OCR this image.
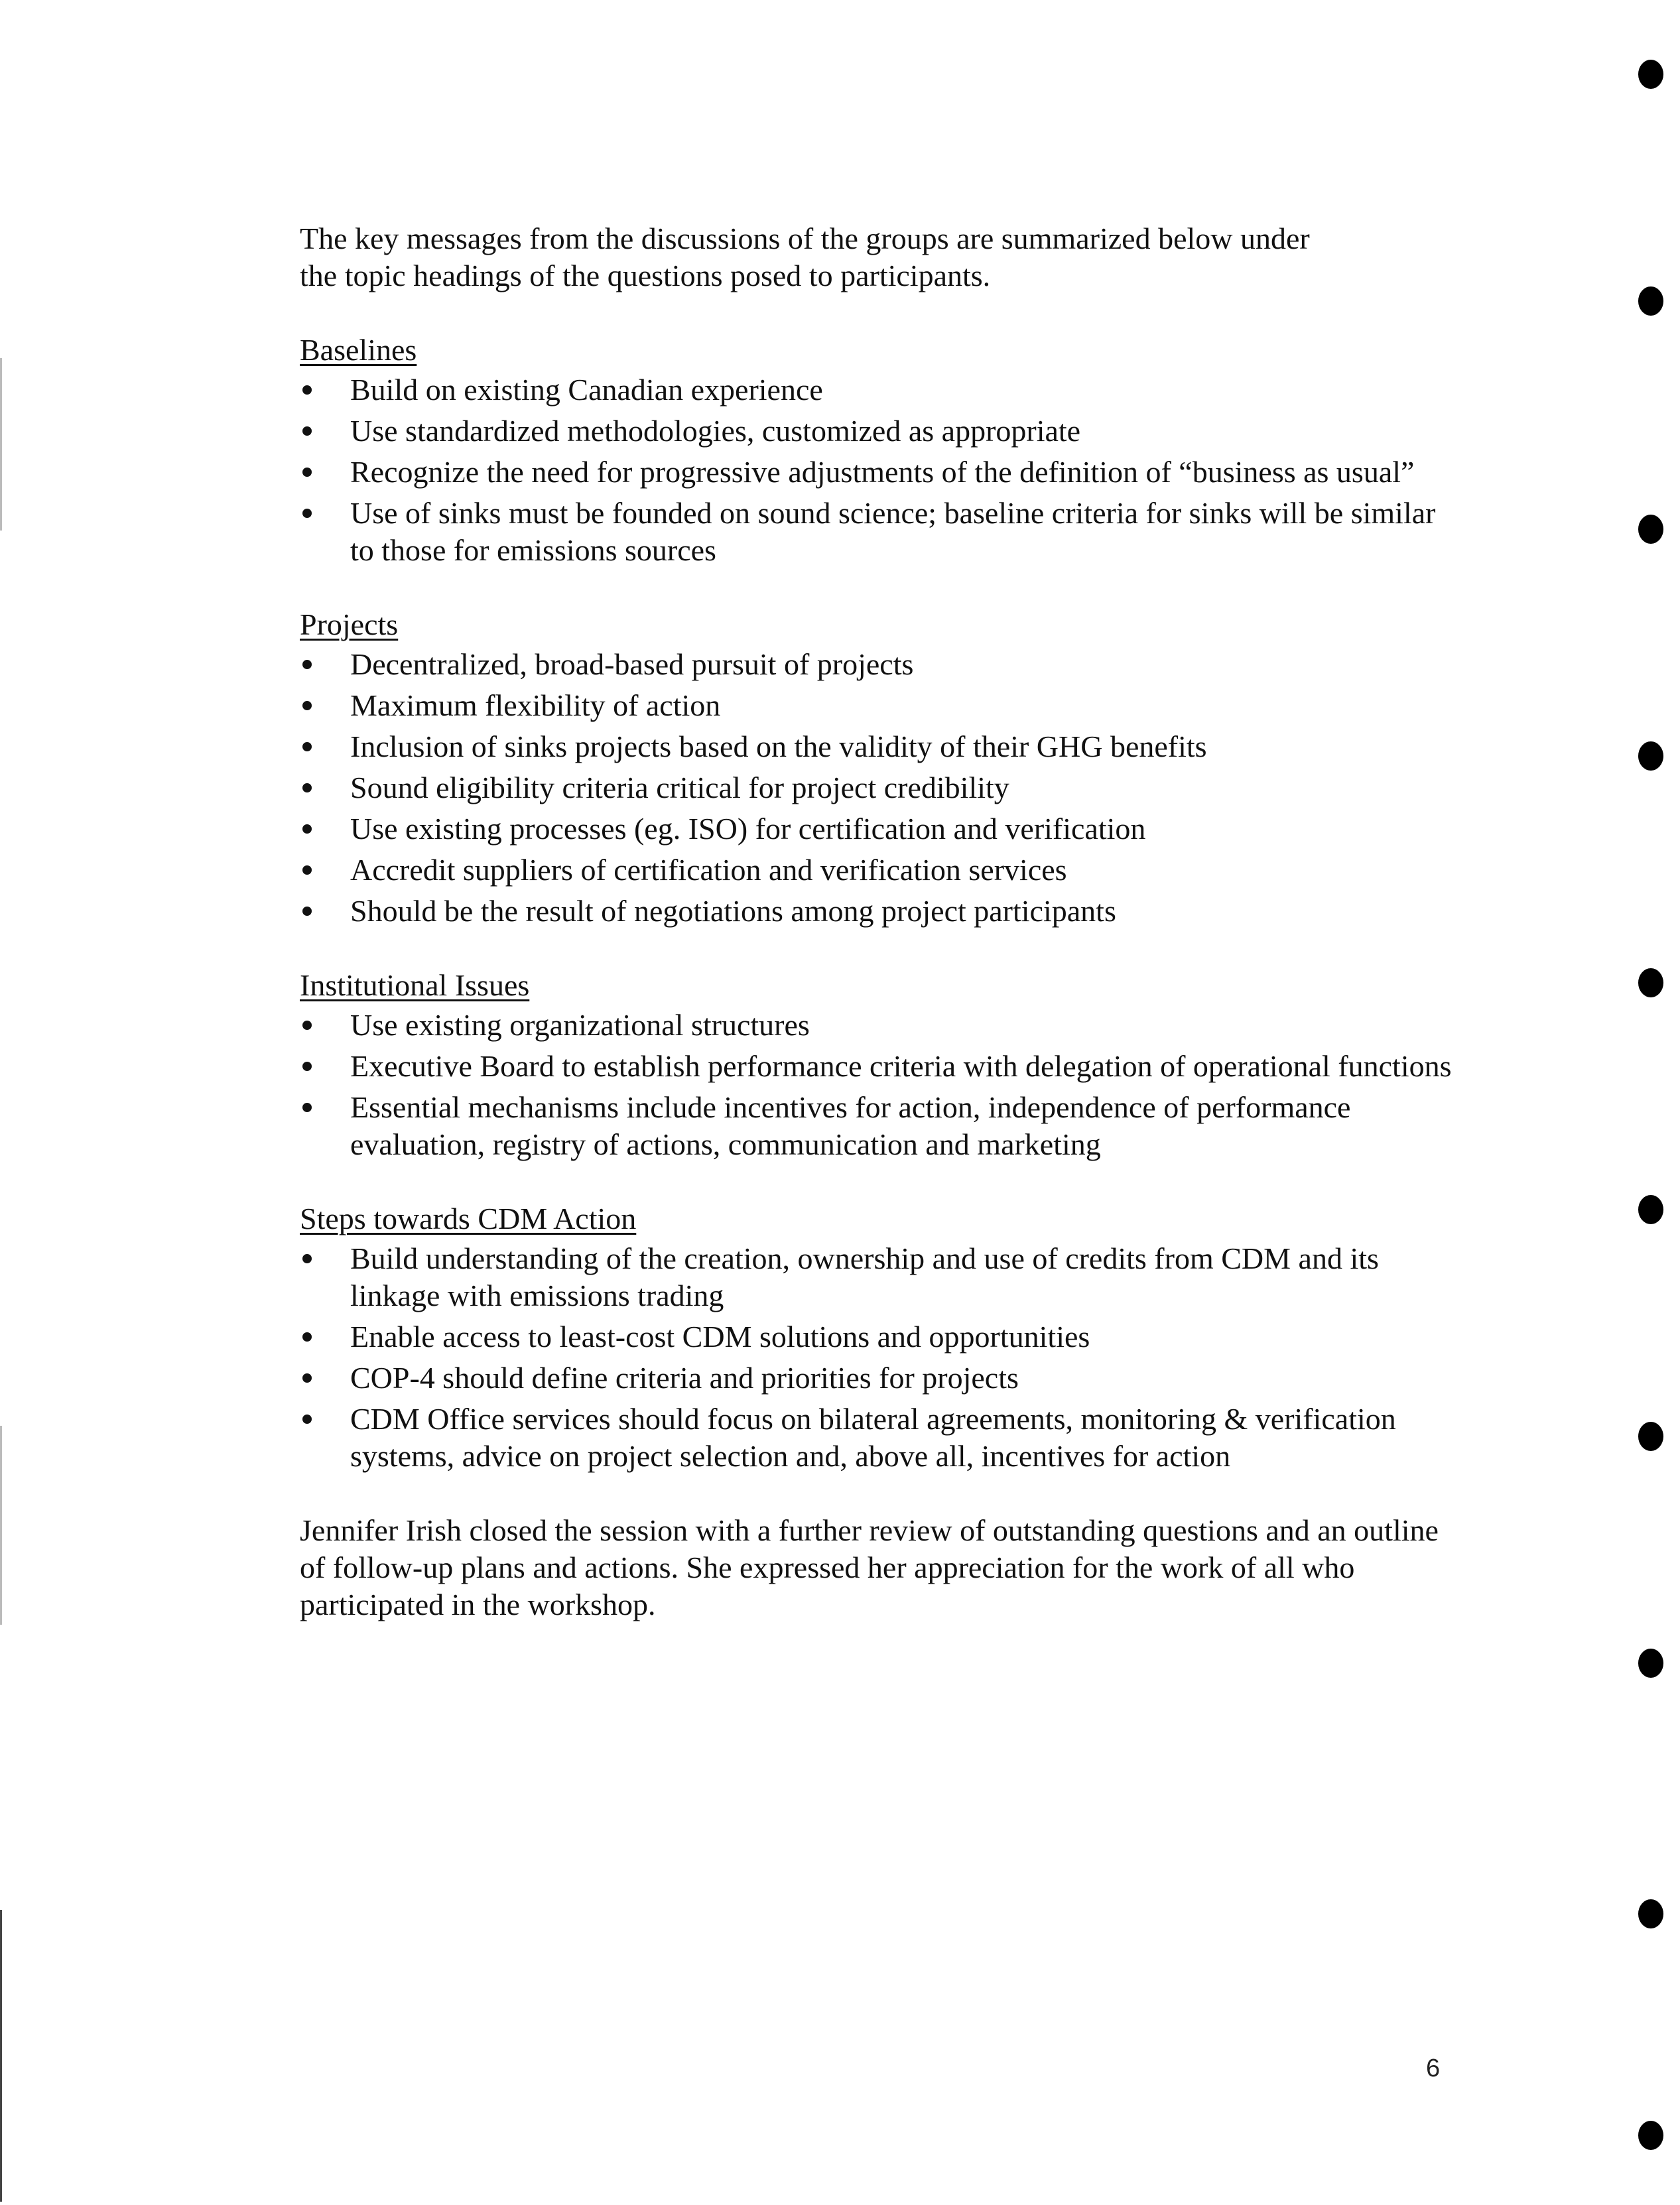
The key messages from the discussions of the groups are summarized below under
the topic headings of the questions posed to participants.

Baselines

Build on existing Canadian experience
Use standardized methodologies, customized as appropriate
Recognize the need for progressive adjustments of the definition of “business as usual”
Use of sinks must be founded on sound science; baseline criteria for sinks will be similar to those for emissions sources

Projects

Decentralized, broad-based pursuit of projects
Maximum flexibility of action
Inclusion of sinks projects based on the validity of their GHG benefits
Sound eligibility criteria critical for project credibility
Use existing processes (eg. ISO) for certification and verification
Accredit suppliers of certification and verification services
Should be the result of negotiations among project participants

Institutional Issues

Use existing organizational structures
Executive Board to establish performance criteria with delegation of operational functions
Essential mechanisms include incentives for action, independence of performance evaluation, registry of actions, communication and marketing

Steps towards CDM Action

Build understanding of the creation, ownership and use of credits from CDM and its linkage with emissions trading
Enable access to least-cost CDM solutions and opportunities
COP-4 should define criteria and priorities for projects
CDM Office services should focus on bilateral agreements, monitoring & verification systems, advice on project selection and, above all, incentives for action

Jennifer Irish closed the session with a further review of outstanding questions and an outline of follow-up plans and actions. She expressed her appreciation for the work of all who participated in the workshop.

6
